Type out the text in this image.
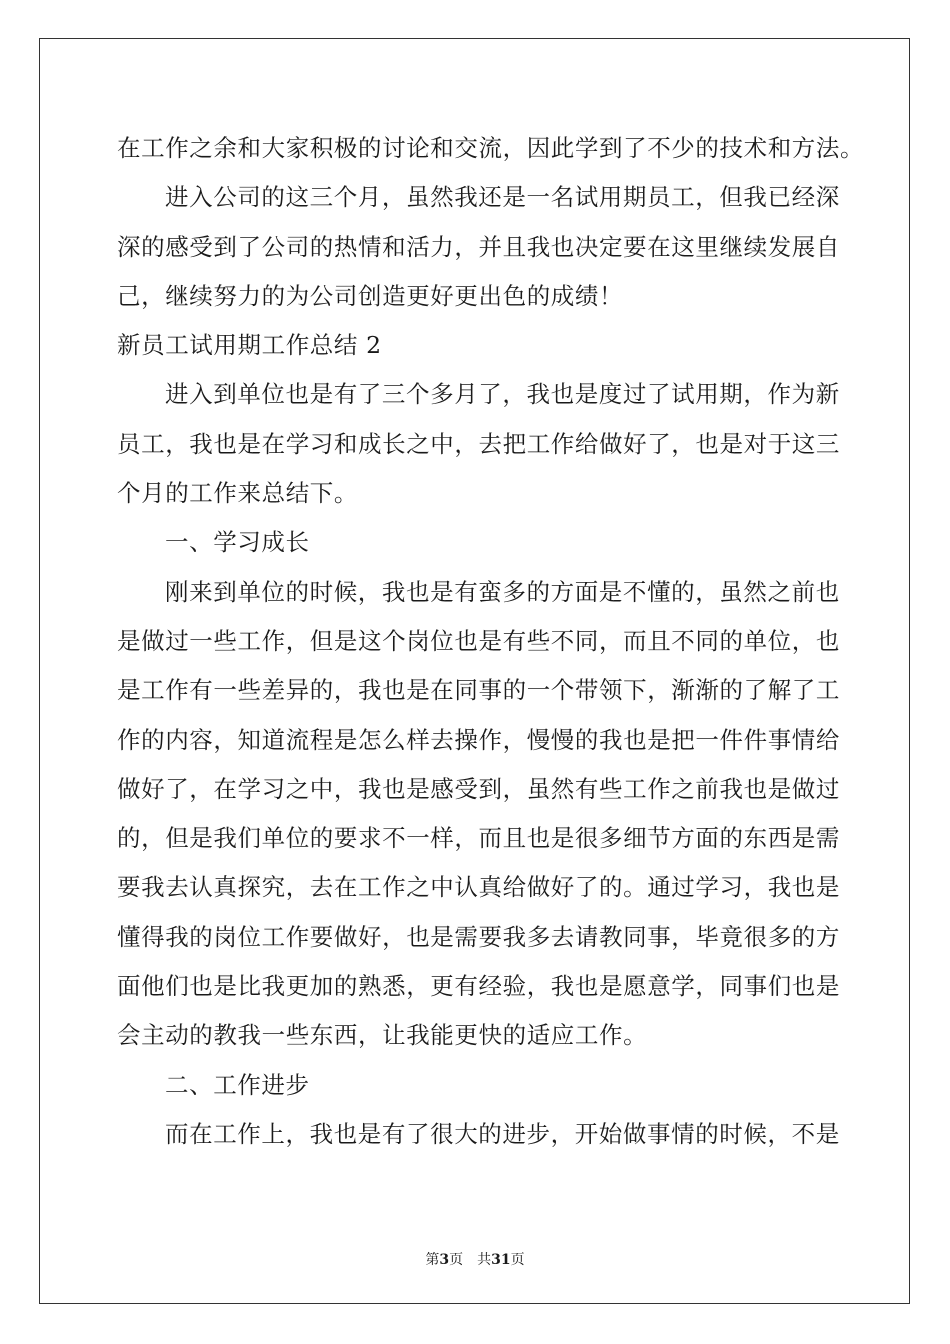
在工作之余和大家积极的讨论和交流，因此学到了不少的技术和方法。
进入公司的这三个月，虽然我还是一名试用期员工，但我已经深
深的感受到了公司的热情和活力，并且我也决定要在这里继续发展自
己，继续努力的为公司创造更好更出色的成绩！
新员工试用期工作总结 2
进入到单位也是有了三个多月了，我也是度过了试用期，作为新
员工，我也是在学习和成长之中，去把工作给做好了，也是对于这三
个月的工作来总结下。
一、学习成长
刚来到单位的时候，我也是有蛮多的方面是不懂的，虽然之前也
是做过一些工作，但是这个岗位也是有些不同，而且不同的单位，也
是工作有一些差异的，我也是在同事的一个带领下，渐渐的了解了工
作的内容，知道流程是怎么样去操作，慢慢的我也是把一件件事情给
做好了，在学习之中，我也是感受到，虽然有些工作之前我也是做过
的，但是我们单位的要求不一样，而且也是很多细节方面的东西是需
要我去认真探究，去在工作之中认真给做好了的。通过学习，我也是
懂得我的岗位工作要做好，也是需要我多去请教同事，毕竟很多的方
面他们也是比我更加的熟悉，更有经验，我也是愿意学，同事们也是
会主动的教我一些东西，让我能更快的适应工作。
二、工作进步
而在工作上，我也是有了很大的进步，开始做事情的时候，不是
第3页 共31页
